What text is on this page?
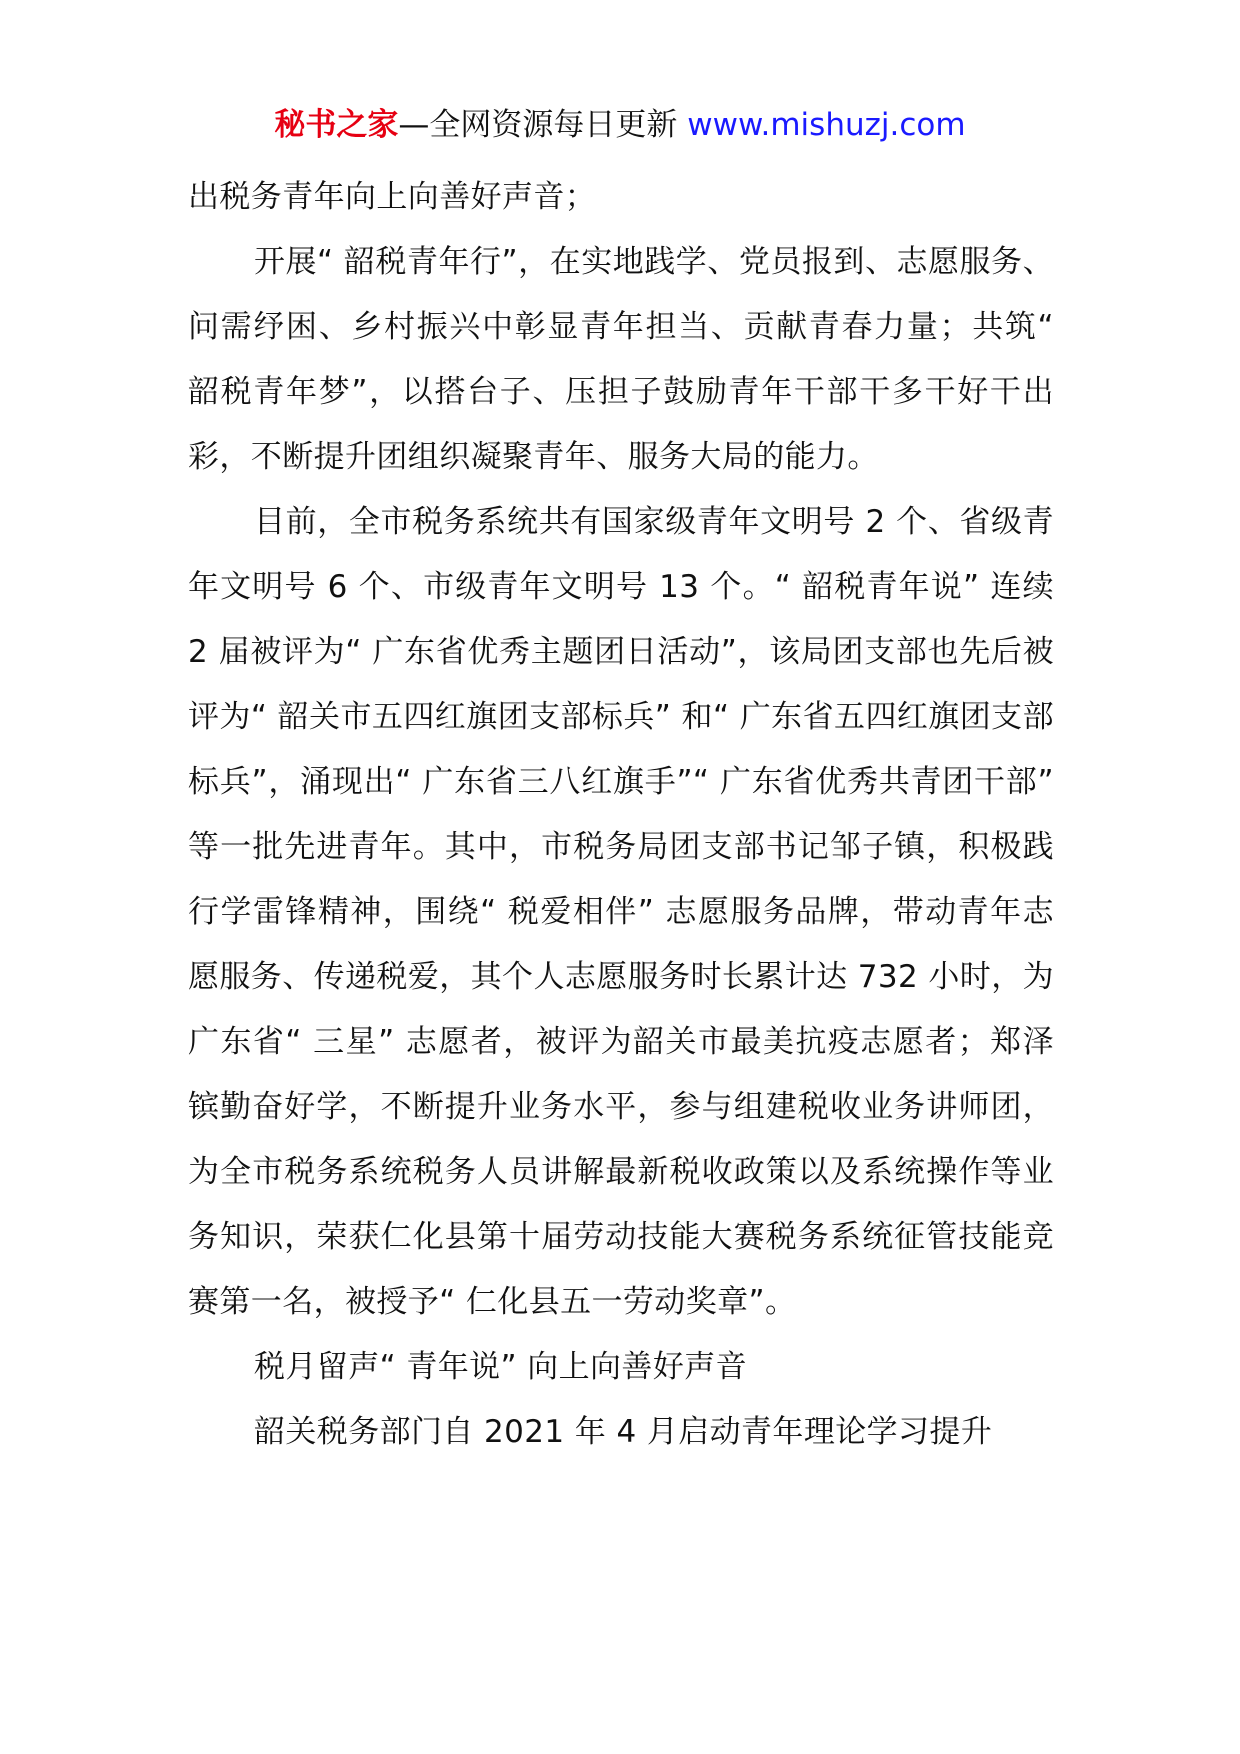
秘书之家—全网资源每日更新 www.mishuzj.com

出税务青年向上向善好声音；

开展“ 韶税青年行”，在实地践学、党员报到、志愿服务、问需纾困、乡村振兴中彰显青年担当、贡献青春力量；共筑“ 韶税青年梦”，以搭台子、压担子鼓励青年干部干多干好干出彩，不断提升团组织凝聚青年、服务大局的能力。

目前，全市税务系统共有国家级青年文明号 2 个、省级青年文明号 6 个、市级青年文明号 13 个。“ 韶税青年说” 连续 2 届被评为“ 广东省优秀主题团日活动”，该局团支部也先后被评为“ 韶关市五四红旗团支部标兵” 和“ 广东省五四红旗团支部标兵”，涌现出“ 广东省三八红旗手”“ 广东省优秀共青团干部” 等一批先进青年。其中，市税务局团支部书记邹子镇，积极践行学雷锋精神，围绕“ 税爱相伴” 志愿服务品牌，带动青年志愿服务、传递税爱，其个人志愿服务时长累计达 732 小时，为广东省“ 三星” 志愿者，被评为韶关市最美抗疫志愿者；郑泽镔勤奋好学，不断提升业务水平，参与组建税收业务讲师团，为全市税务系统税务人员讲解最新税收政策以及系统操作等业务知识，荣获仁化县第十届劳动技能大赛税务系统征管技能竞赛第一名，被授予“ 仁化县五一劳动奖章”。

税月留声“ 青年说” 向上向善好声音

韶关税务部门自 2021 年 4 月启动青年理论学习提升
